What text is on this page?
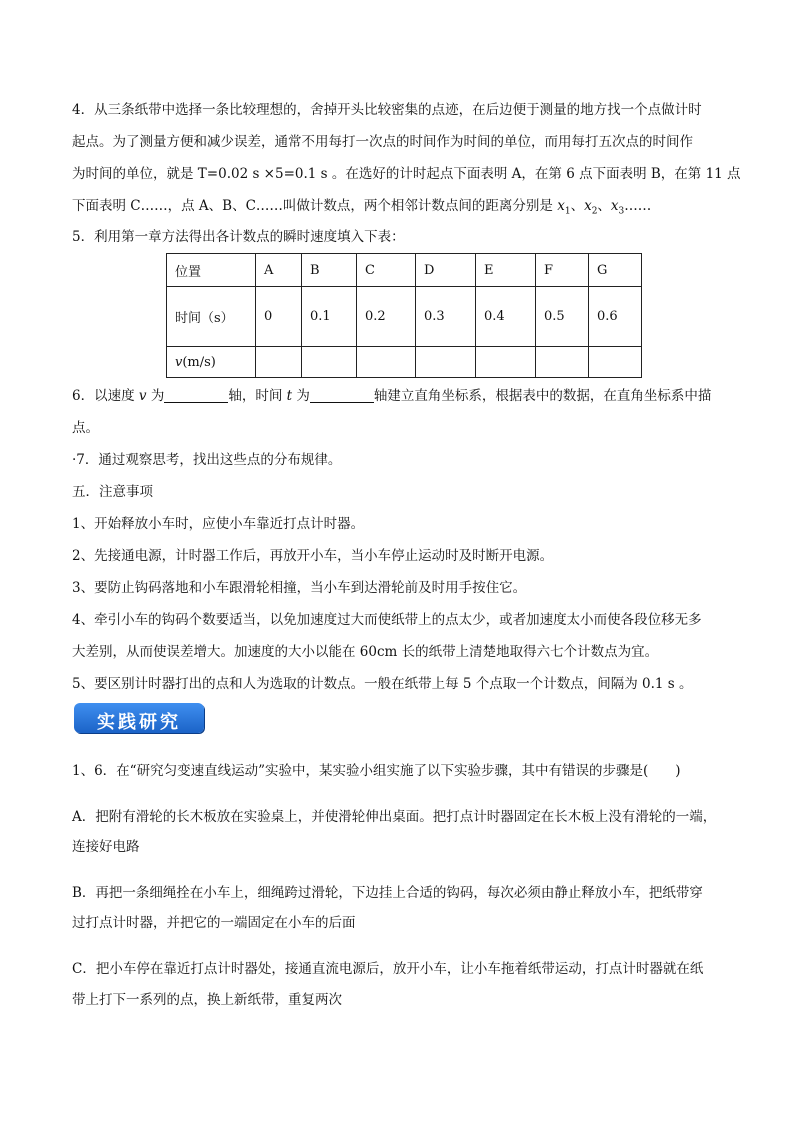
4．从三条纸带中选择一条比较理想的，舍掉开头比较密集的点迹，在后边便于测量的地方找一个点做计时
起点。为了测量方便和减少误差，通常不用每打一次点的时间作为时间的单位，而用每打五次点的时间作
为时间的单位，就是 T=0.02 s ×5=0.1 s 。在选好的计时起点下面表明 A，在第 6 点下面表明 B，在第 11 点
下面表明 C……，点 A、B、C……叫做计数点，两个相邻计数点间的距离分别是 $x_1$、$x_2$、$x_3\dots\dots$
5．利用第一章方法得出各计数点的瞬时速度填入下表：
位置	A	B	C	D	E	F	G
时间（s）	0	0.1	0.2	0.3	0.4	0.5	0.6
v(m/s)							
6．以速度 v 为	轴，时间 t 为	轴建立直角坐标系，根据表中的数据，在直角坐标系中描
点。
·7．通过观察思考，找出这些点的分布规律。
五．注意事项
1、开始释放小车时，应使小车靠近打点计时器。
2、先接通电源，计时器工作后，再放开小车，当小车停止运动时及时断开电源。
3、要防止钩码落地和小车跟滑轮相撞，当小车到达滑轮前及时用手按住它。
4、牵引小车的钩码个数要适当，以免加速度过大而使纸带上的点太少，或者加速度太小而使各段位移无多
大差别，从而使误差增大。加速度的大小以能在 60cm 长的纸带上清楚地取得六七个计数点为宜。
5、要区别计时器打出的点和人为选取的计数点。一般在纸带上每 5 个点取一个计数点，间隔为 0.1 s 。
实践研究
1、6．在“研究匀变速直线运动”实验中，某实验小组实施了以下实验步骤，其中有错误的步骤是(　　)
A．把附有滑轮的长木板放在实验桌上，并使滑轮伸出桌面。把打点计时器固定在长木板上没有滑轮的一端，
连接好电路
B．再把一条细绳拴在小车上，细绳跨过滑轮，下边挂上合适的钩码，每次必须由静止释放小车，把纸带穿
过打点计时器，并把它的一端固定在小车的后面
C．把小车停在靠近打点计时器处，接通直流电源后，放开小车，让小车拖着纸带运动，打点计时器就在纸
带上打下一系列的点，换上新纸带，重复两次
